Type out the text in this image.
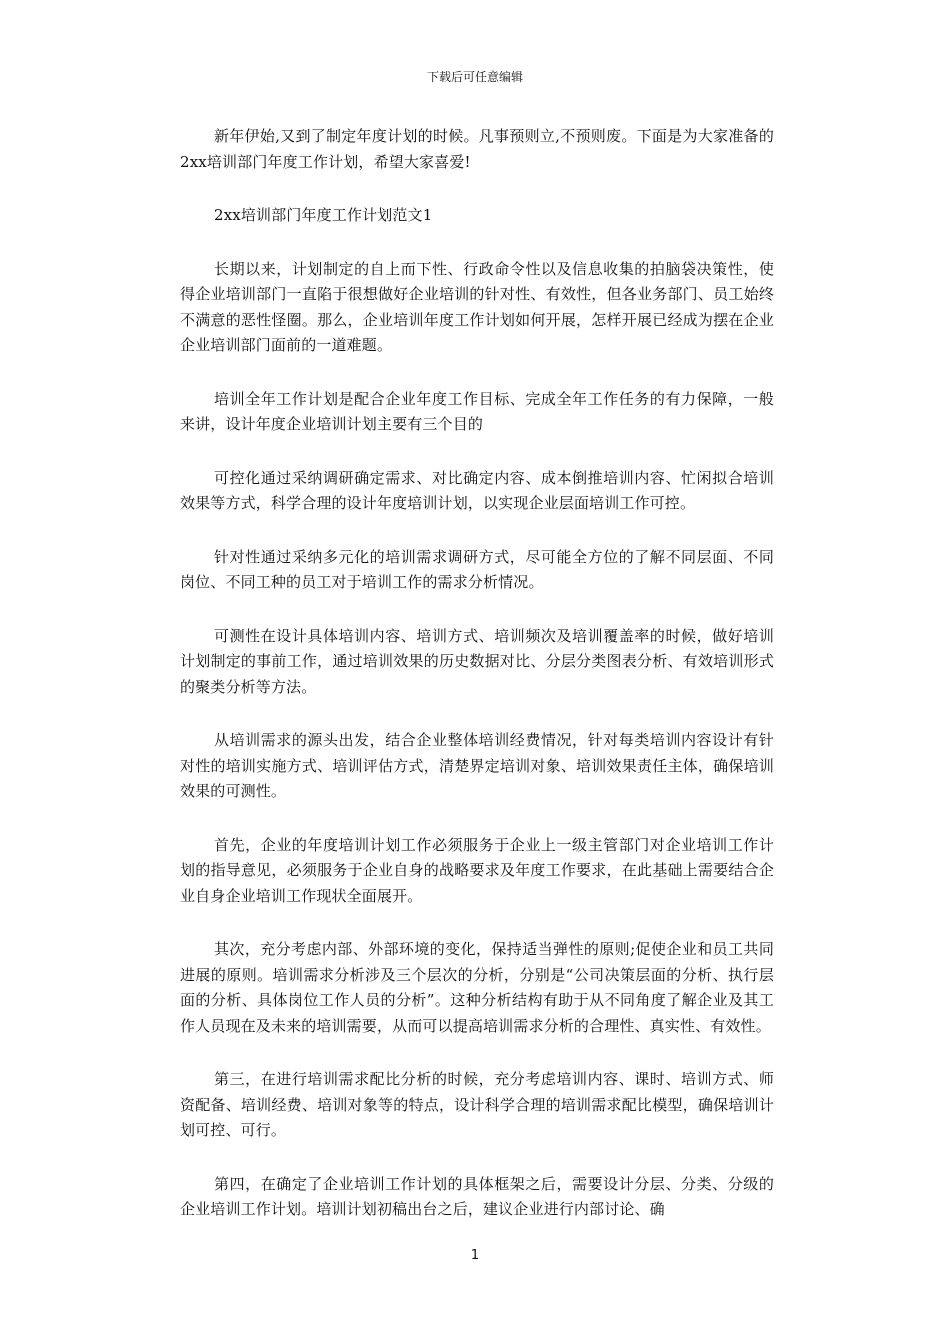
下载后可任意编辑

新年伊始,又到了制定年度计划的时候。凡事预则立,不预则废。下面是为大家准备的2xx培训部门年度工作计划，希望大家喜爱!

2xx培训部门年度工作计划范文1

长期以来，计划制定的自上而下性、行政命令性以及信息收集的拍脑袋决策性，使得企业培训部门一直陷于很想做好企业培训的针对性、有效性，但各业务部门、员工始终不满意的恶性怪圈。那么，企业培训年度工作计划如何开展，怎样开展已经成为摆在企业企业培训部门面前的一道难题。

培训全年工作计划是配合企业年度工作目标、完成全年工作任务的有力保障，一般来讲，设计年度企业培训计划主要有三个目的

可控化通过采纳调研确定需求、对比确定内容、成本倒推培训内容、忙闲拟合培训效果等方式，科学合理的设计年度培训计划，以实现企业层面培训工作可控。

针对性通过采纳多元化的培训需求调研方式，尽可能全方位的了解不同层面、不同岗位、不同工种的员工对于培训工作的需求分析情况。

可测性在设计具体培训内容、培训方式、培训频次及培训覆盖率的时候，做好培训计划制定的事前工作，通过培训效果的历史数据对比、分层分类图表分析、有效培训形式的聚类分析等方法。

从培训需求的源头出发，结合企业整体培训经费情况，针对每类培训内容设计有针对性的培训实施方式、培训评估方式，清楚界定培训对象、培训效果责任主体，确保培训效果的可测性。

首先，企业的年度培训计划工作必须服务于企业上一级主管部门对企业培训工作计划的指导意见，必须服务于企业自身的战略要求及年度工作要求，在此基础上需要结合企业自身企业培训工作现状全面展开。

其次，充分考虑内部、外部环境的变化，保持适当弹性的原则;促使企业和员工共同进展的原则。培训需求分析涉及三个层次的分析，分别是“公司决策层面的分析、执行层面的分析、具体岗位工作人员的分析”。这种分析结构有助于从不同角度了解企业及其工作人员现在及未来的培训需要，从而可以提高培训需求分析的合理性、真实性、有效性。

第三，在进行培训需求配比分析的时候，充分考虑培训内容、课时、培训方式、师资配备、培训经费、培训对象等的特点，设计科学合理的培训需求配比模型，确保培训计划可控、可行。

第四，在确定了企业培训工作计划的具体框架之后，需要设计分层、分类、分级的企业培训工作计划。培训计划初稿出台之后，建议企业进行内部讨论、确

1
